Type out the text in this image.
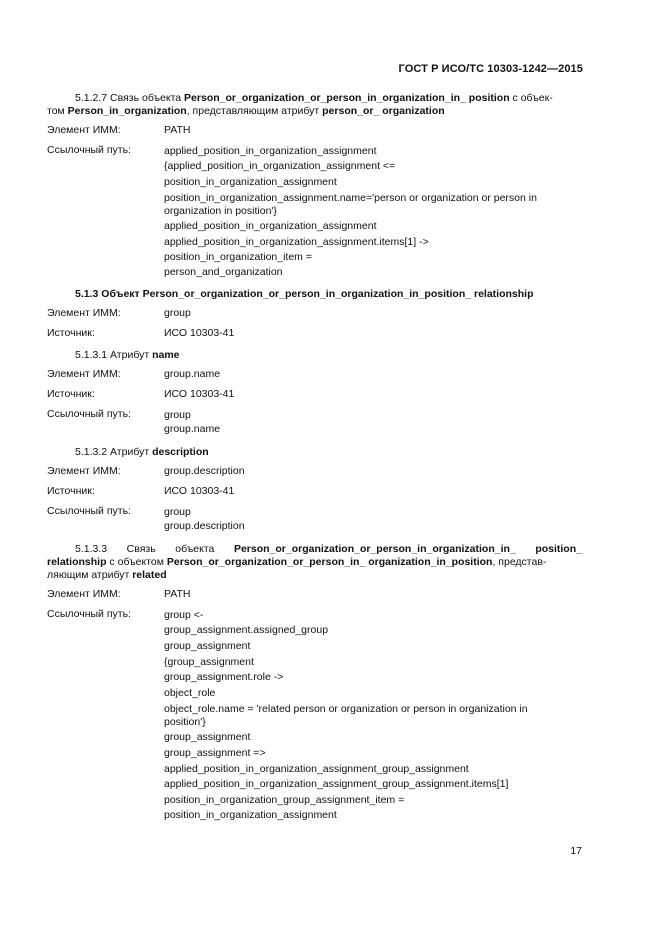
ГОСТ Р ИСО/ТС 10303-1242—2015
5.1.2.7 Связь объекта Person_or_organization_or_person_in_organization_in_ position с объек-
том Person_in_organization, представляющим атрибут person_or_ organization
Элемент ИММ:	PATH
Ссылочный путь:	applied_position_in_organization_assignment
{applied_position_in_organization_assignment <=
position_in_organization_assignment
position_in_organization_assignment.name='person or organization or person in
organization in position'}
applied_position_in_organization_assignment
applied_position_in_organization_assignment.items[1] ->
position_in_organization_item =
person_and_organization
5.1.3 Объект Person_or_organization_or_person_in_organization_in_position_ relationship
Элемент ИММ:	group
Источник:	ИСО 10303-41
5.1.3.1 Атрибут name
Элемент ИММ:	group.name
Источник:	ИСО 10303-41
Ссылочный путь:	group
group.name
5.1.3.2 Атрибут description
Элемент ИММ:	group.description
Источник:	ИСО 10303-41
Ссылочный путь:	group
group.description
5.1.3.3 Связь объекта Person_or_organization_or_person_in_organization_in_ position_
relationship с объектом Person_or_organization_or_person_in_ organization_in_position, представ-
ляющим атрибут related
Элемент ИММ:	PATH
Ссылочный путь:	group <-
group_assignment.assigned_group
group_assignment
{group_assignment
group_assignment.role ->
object_role
object_role.name = 'related person or organization or person in organization in
position'}
group_assignment
group_assignment =>
applied_position_in_organization_assignment_group_assignment
applied_position_in_organization_assignment_group_assignment.items[1]
position_in_organization_group_assignment_item =
position_in_organization_assignment
17
